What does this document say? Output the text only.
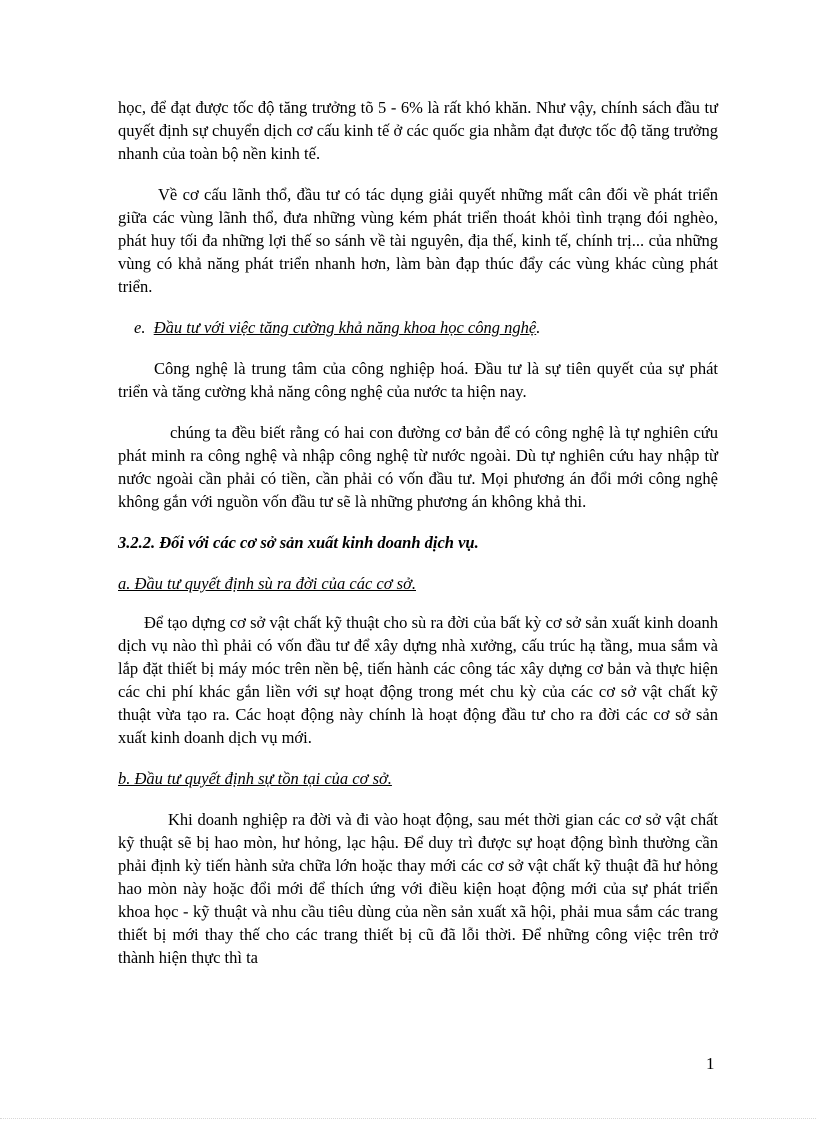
học, để đạt được tốc độ tăng trưởng tõ 5 - 6% là rất khó khăn. Như vậy, chính sách đầu tư quyết định sự chuyển dịch cơ cấu kinh tế ở các quốc gia nhằm đạt được tốc độ tăng trưởng nhanh của toàn bộ nền kinh tế.

Về cơ cấu lãnh thổ, đầu tư có tác dụng giải quyết những mất cân đối về phát triển giữa các vùng lãnh thổ, đưa những vùng kém phát triển thoát khỏi tình trạng đói nghèo, phát huy tối đa những lợi thế so sánh về tài nguyên, địa thế, kinh tế, chính trị... của những vùng có khả năng phát triển nhanh hơn, làm bàn đạp thúc đẩy các vùng khác cùng phát triển.

e. Đầu tư với việc tăng cường khả năng khoa học công nghệ.

Công nghệ là trung tâm của công nghiệp hoá. Đầu tư là sự tiên quyết của sự phát triển và tăng cường khả năng công nghệ của nước ta hiện nay.

chúng ta đều biết rằng có hai con đường cơ bản để có công nghệ là tự nghiên cứu phát minh ra công nghệ và nhập công nghệ từ nước ngoài. Dù tự nghiên cứu hay nhập từ nước ngoài cần phải có tiền, cần phải có vốn đầu tư. Mọi phương án đổi mới công nghệ không gắn với nguồn vốn đầu tư sẽ là những phương án không khả thi.

3.2.2. Đối với các cơ sở sản xuất kinh doanh dịch vụ.

a. Đầu tư quyết định sù ra đời của các cơ sở.

Để tạo dựng cơ sở vật chất kỹ thuật cho sù ra đời của bất kỳ cơ sở sản xuất kinh doanh dịch vụ nào thì phải có vốn đầu tư để xây dựng nhà xưởng, cấu trúc hạ tầng, mua sắm và lắp đặt thiết bị máy móc trên nền bệ, tiến hành các công tác xây dựng cơ bản và thực hiện các chi phí khác gắn liền với sự hoạt động trong mét chu kỳ của các cơ sở vật chất kỹ thuật vừa tạo ra. Các hoạt động này chính là hoạt động đầu tư cho ra đời các cơ sở sản xuất kinh doanh dịch vụ mới.

b. Đầu tư quyết định sự tồn tại của cơ sở.

Khi doanh nghiệp ra đời và đi vào hoạt động, sau mét thời gian các cơ sở vật chất kỹ thuật sẽ bị hao mòn, hư hỏng, lạc hậu. Để duy trì được sự hoạt động bình thường cần phải định kỳ tiến hành sửa chữa lớn hoặc thay mới các cơ sở vật chất kỹ thuật đã hư hỏng hao mòn này hoặc đổi mới để thích ứng với điều kiện hoạt động mới của sự phát triển khoa học - kỹ thuật và nhu cầu tiêu dùng của nền sản xuất xã hội, phải mua sắm các trang thiết bị mới thay thế cho các trang thiết bị cũ đã lỗi thời. Để những công việc trên trở thành hiện thực thì ta

1
